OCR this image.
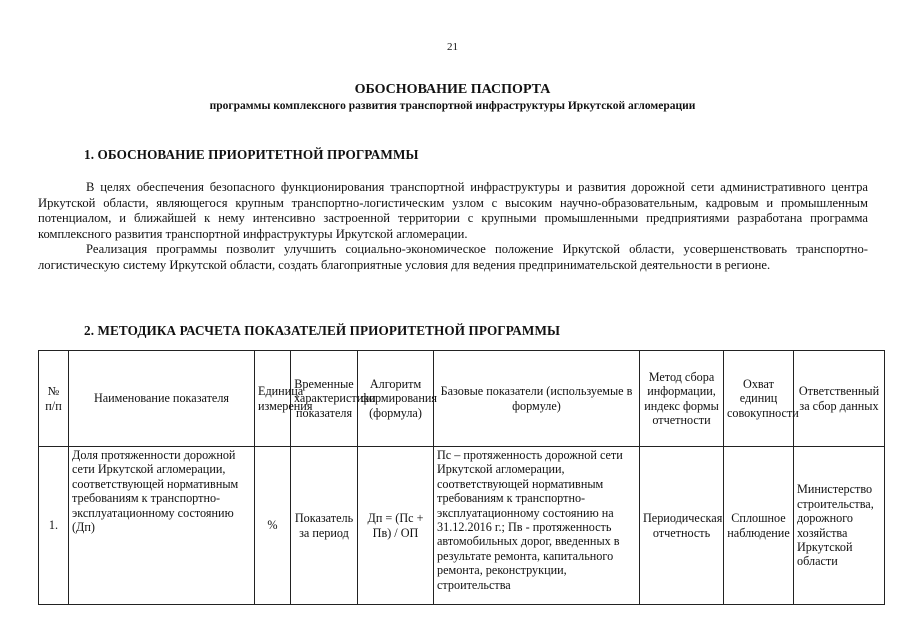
21
ОБОСНОВАНИЕ ПАСПОРТА
программы комплексного развития транспортной инфраструктуры Иркутской агломерации
1. ОБОСНОВАНИЕ ПРИОРИТЕТНОЙ ПРОГРАММЫ

В целях обеспечения безопасного функционирования транспортной инфраструктуры и развития дорожной сети административного центра Иркутской области, являющегося крупным транспортно-логистическим узлом с высоким научно-образовательным, кадровым и промышленным потенциалом, и ближайшей к нему интенсивно застроенной территории с крупными промышленными предприятиями разработана программа комплексного развития транспортной инфраструктуры Иркутской агломерации.

Реализация программы позволит улучшить социально-экономическое положение Иркутской области, усовершенствовать транспортно-логистическую систему Иркутской области, создать благоприятные условия для ведения предпринимательской деятельности в регионе.

2. МЕТОДИКА РАСЧЕТА ПОКАЗАТЕЛЕЙ ПРИОРИТЕТНОЙ ПРОГРАММЫ
№ п/п	Наименование показателя	Единица измерения	Временные характеристики показателя	Алгоритм формирования (формула)	Базовые показатели (используемые в формуле)	Метод сбора информации, индекс формы отчетности	Охват единиц совокупности	Ответственный за сбор данных
1.	Доля протяженности дорожной сети Иркутской агломерации, соответствующей нормативным требованиям к транспортно-эксплуатационному состоянию (Дп)	%	Показатель за период	Дп = (Пс + Пв) / ОП	Пс – протяженность дорожной сети Иркутской агломерации, соответствующей нормативным требованиям к транспортно-эксплуатационному состоянию на 31.12.2016 г.; Пв - протяженность автомобильных дорог, введенных в результате ремонта, капитального ремонта, реконструкции, строительства	Периодическая отчетность	Сплошное наблюдение	Министерство строительства, дорожного хозяйства Иркутской области
